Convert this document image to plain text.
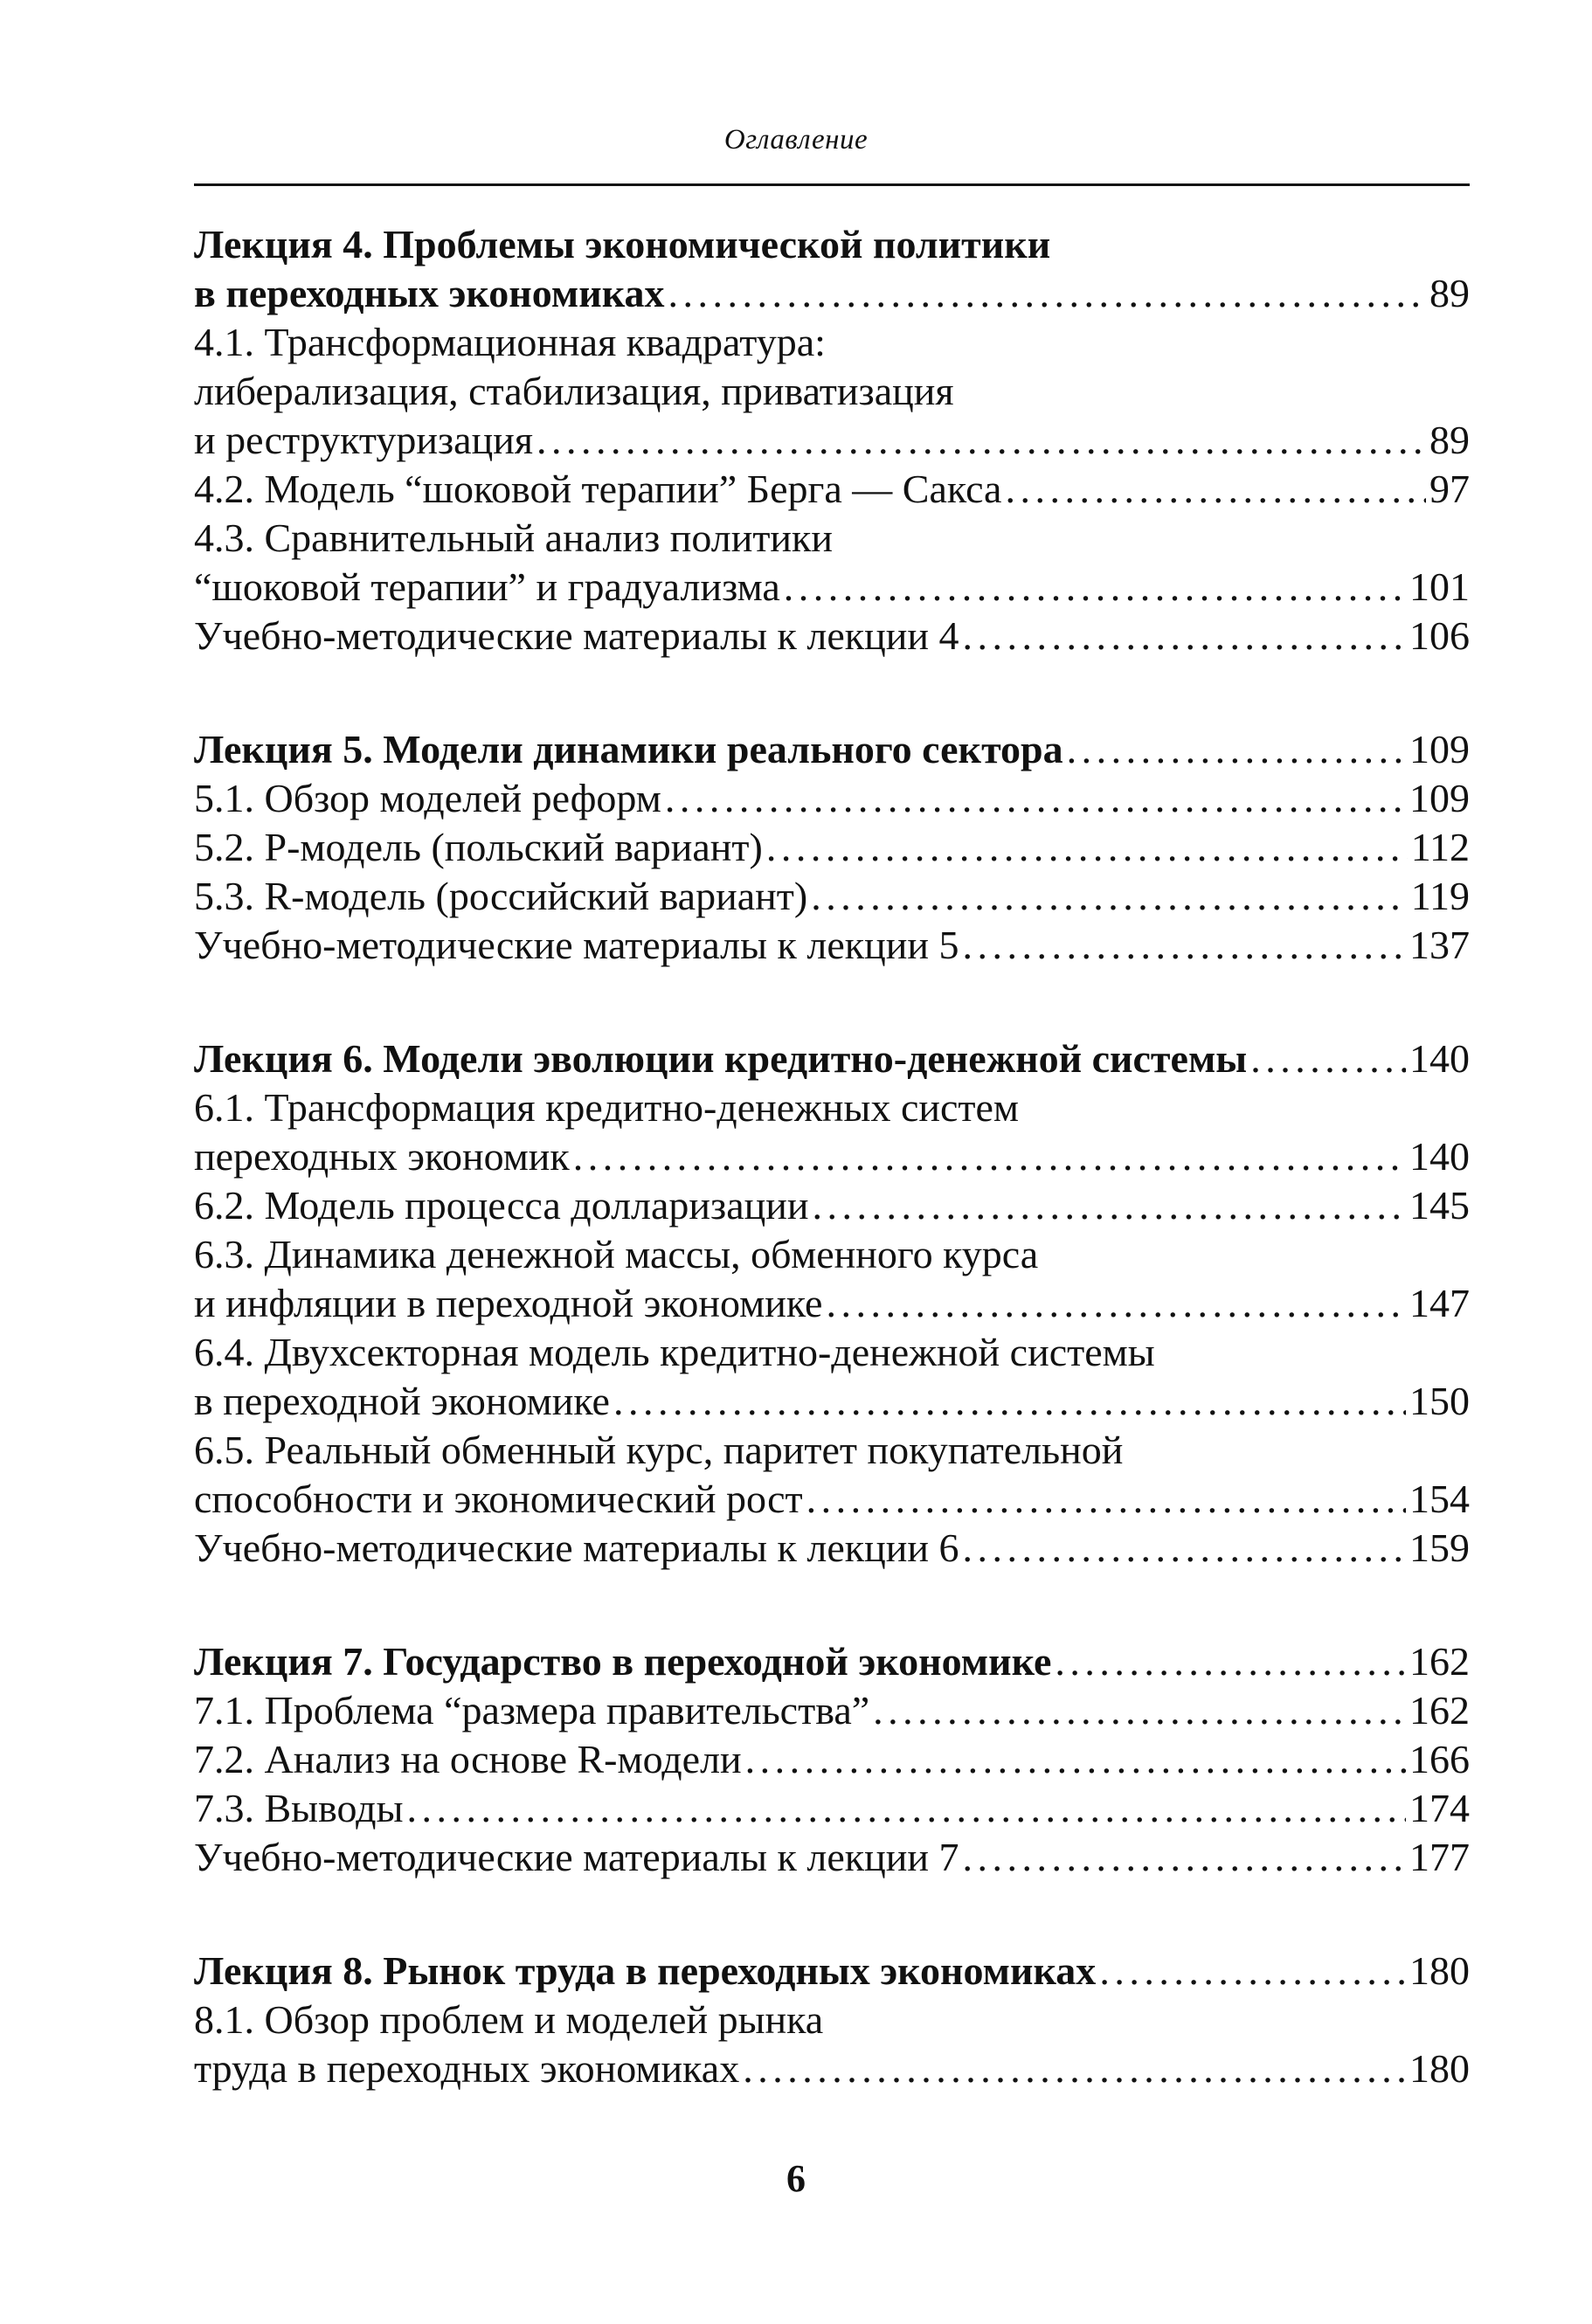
Оглавление
Лекция 4. Проблемы экономической политики
в переходных экономиках . . .	89
4.1. Трансформационная квадратура:
либерализация, стабилизация, приватизация
и реструктуризация . . .	89
4.2. Модель “шоковой терапии” Берга — Сакса . . .	97
4.3. Сравнительный анализ политики
“шоковой терапии” и градуализма . . .	101
Учебно-методические материалы к лекции 4 . . .	106
Лекция 5. Модели динамики реального сектора . . .	109
5.1. Обзор моделей реформ . . .	109
5.2. P-модель (польский вариант) . . .	112
5.3. R-модель (российский вариант) . . .	119
Учебно-методические материалы к лекции 5 . . .	137
Лекция 6. Модели эволюции кредитно-денежной системы . . .	140
6.1. Трансформация кредитно-денежных систем
переходных экономик . . .	140
6.2. Модель процесса долларизации . . .	145
6.3. Динамика денежной массы, обменного курса
и инфляции в переходной экономике . . .	147
6.4. Двухсекторная модель кредитно-денежной системы
в переходной экономике . . .	150
6.5. Реальный обменный курс, паритет покупательной
способности и экономический рост . . .	154
Учебно-методические материалы к лекции 6 . . .	159
Лекция 7. Государство в переходной экономике . . .	162
7.1. Проблема “размера правительства” . . .	162
7.2. Анализ на основе R-модели . . .	166
7.3. Выводы . . .	174
Учебно-методические материалы к лекции 7 . . .	177
Лекция 8. Рынок труда в переходных экономиках . . .	180
8.1. Обзор проблем и моделей рынка
труда в переходных экономиках . . .	180
6
